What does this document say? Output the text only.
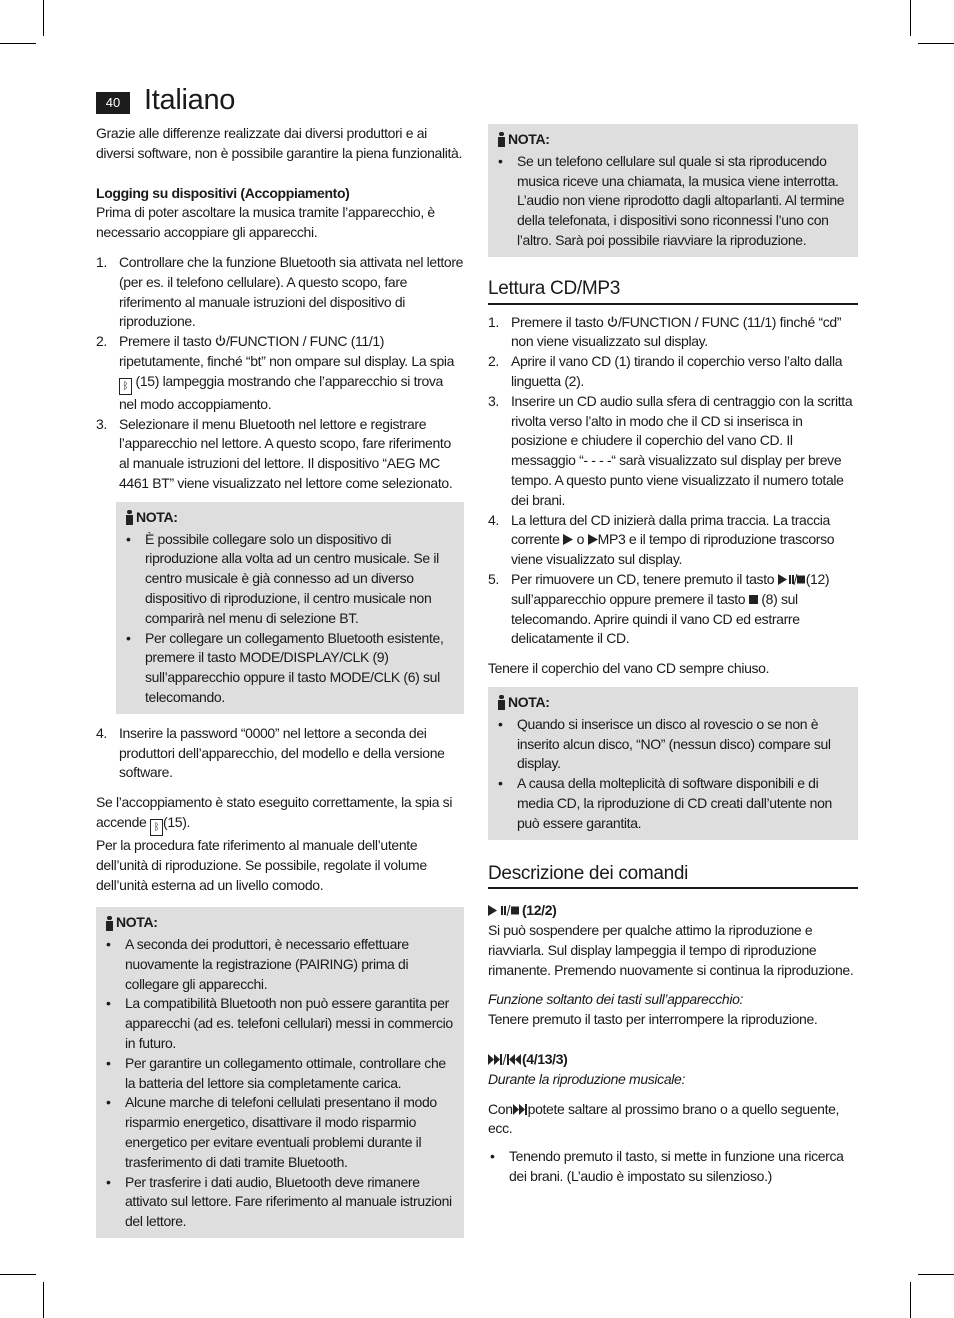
40 Italiano

Grazie alle differenze realizzate dai diversi produttori e ai diversi software, non è possibile garantire la piena funzionalità.

Logging su dispositivi (Accoppiamento)

Prima di poter ascoltare la musica tramite l’apparecchio, è necessario accoppiare gli apparecchi.

1. Controllare che la funzione Bluetooth sia attivata nel lettore (per es. il telefono cellulare). A questo scopo, fare riferimento al manuale istruzioni del dispositivo di riproduzione.
2. Premere il tasto /FUNCTION / FUNC (11/1) ripetutamente, finché “bt” non ompare sul display. La spia ᛒ (15) lampeggia mostrando che l’apparecchio si trova nel modo accoppiamento.
3. Selezionare il menu Bluetooth nel lettore e registrare l’apparecchio nel lettore. A questo scopo, fare riferimento al manuale istruzioni del lettore. Il dispositivo “AEG MC 4461 BT” viene visualizzato nel lettore come selezionato.
NOTA:
• È possibile collegare solo un dispositivo di riproduzione alla volta ad un centro musicale. Se il centro musicale è già connesso ad un diverso dispositivo di riproduzione, il centro musicale non comparirà nel menu di selezione BT.
• Per collegare un collegamento Bluetooth esistente, premere il tasto MODE/DISPLAY/CLK (9) sull’apparecchio oppure il tasto MODE/CLK (6) sul telecomando.
4. Inserire la password “0000” nel lettore a seconda dei produttori dell’apparecchio, del modello e della versione software.

Se l’accoppiamento è stato eseguito correttamente, la spia si accende ᛒ (15).

Per la procedura fate riferimento al manuale dell’utente dell’unità di riproduzione. Se possibile, regolate il volume dell’unità esterna ad un livello comodo.

NOTA:
• A seconda dei produttori, è necessario effettuare nuovamente la registrazione (PAIRING) prima di collegare gli apparecchi.
• La compatibilità Bluetooth non può essere garantita per apparecchi (ad es. telefoni cellulari) messi in commercio in futuro.
• Per garantire un collegamento ottimale, controllare che la batteria del lettore sia completamente carica.
• Alcune marche di telefoni cellulati presentano il modo risparmio energetico, disattivare il modo risparmio energetico per evitare eventuali problemi durante il trasferimento di dati tramite Bluetooth.
• Per trasferire i dati audio, Bluetooth deve rimanere attivato sul lettore. Fare riferimento al manuale istruzioni del lettore.
NOTA:
• Se un telefono cellulare sul quale si sta riproducendo musica riceve una chiamata, la musica viene interrotta. L’audio non viene riprodotto dagli altoparlanti. Al termine della telefonata, i dispositivi sono riconnessi l’uno con l’altro. Sarà poi possibile riavviare la riproduzione.
Lettura CD/MP3
1. Premere il tasto /FUNCTION / FUNC (11/1) finché “cd” non viene visualizzato sul display.
2. Aprire il vano CD (1) tirando il coperchio verso l’alto dalla linguetta (2).
3. Inserire un CD audio sulla sfera di centraggio con la scritta rivolta verso l’alto in modo che il CD si inserisca in posizione e chiudere il coperchio del vano CD. Il messaggio “- - - -“ sarà visualizzato sul display per breve tempo. A questo punto viene visualizzato il numero totale dei brani.
4. La lettura del CD inizierà dalla prima traccia. La traccia corrente o MP3 e il tempo di riproduzione trascorso viene visualizzato sul display.
5. Per rimuovere un CD, tenere premuto il tasto (12) sull’apparecchio oppure premere il tasto (8) sul telecomando. Aprire quindi il vano CD ed estrarre delicatamente il CD.

Tenere il coperchio del vano CD sempre chiuso.

NOTA:
• Quando si inserisce un disco al rovescio o se non è inserito alcun disco, “NO” (nessun disco) compare sul display.
• A causa della molteplicità di software disponibili e di media CD, la riproduzione di CD creati dall’utente non può essere garantita.
Descrizione dei comandi

(12/2)

Si può sospendere per qualche attimo la riproduzione e riavviarla. Sul display lampeggia il tempo di riproduzione rimanente. Premendo nuovamente si continua la riproduzione.

Funzione soltanto dei tasti sull’apparecchio:

Tenere premuto il tasto per interrompere la riproduzione.

(4/13/3)

Durante la riproduzione musicale:

Con potete saltare al prossimo brano o a quello seguente, ecc.

• Tenendo premuto il tasto, si mette in funzione una ricerca dei brani. (L’audio è impostato su silenzioso.)
